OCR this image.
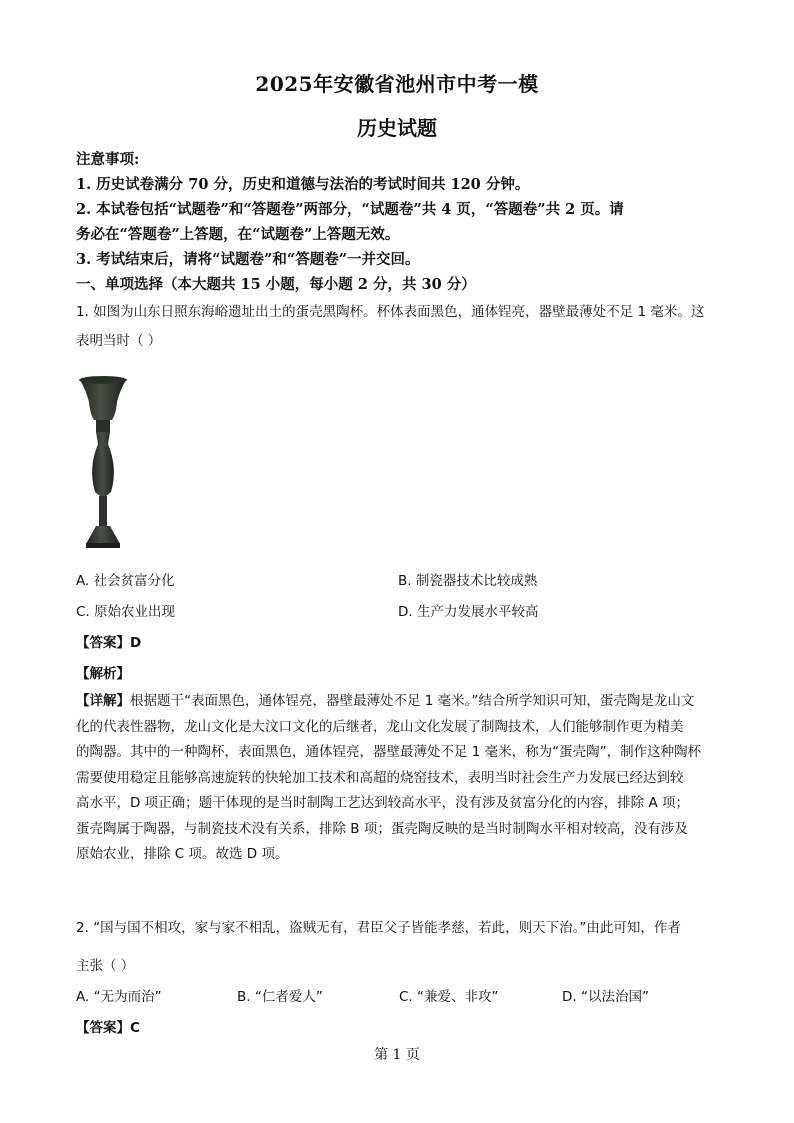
2025年安徽省池州市中考一模
历史试题
注意事项:
1. 历史试卷满分 70 分，历史和道德与法治的考试时间共 120 分钟。
2. 本试卷包括“试题卷”和“答题卷”两部分，“试题卷”共 4 页，“答题卷”共 2 页。请
务必在“答题卷”上答题，在“试题卷”上答题无效。
3. 考试结束后，请将“试题卷”和“答题卷”一并交回。
一、单项选择（本大题共 15 小题，每小题 2 分，共 30 分）
1. 如图为山东日照东海峪遗址出土的蛋壳黑陶杯。杯体表面黑色，通体锃亮，器壁最薄处不足 1 毫米。这
表明当时（ ）
A. 社会贫富分化	B. 制瓷器技术比较成熟
C. 原始农业出现	D. 生产力发展水平较高
【答案】D
【解析】
【详解】根据题干“表面黑色，通体锃亮，器壁最薄处不足 1 毫米。”结合所学知识可知，蛋壳陶是龙山文
化的代表性器物，龙山文化是大汶口文化的后继者，龙山文化发展了制陶技术，人们能够制作更为精美
的陶器。其中的一种陶杯，表面黑色，通体锃亮，器壁最薄处不足 1 毫米，称为“蛋壳陶”，制作这种陶杯
需要使用稳定且能够高速旋转的快轮加工技术和高超的烧窑技术，表明当时社会生产力发展已经达到较
高水平，D 项正确；题干体现的是当时制陶工艺达到较高水平，没有涉及贫富分化的内容，排除 A 项；
蛋壳陶属于陶器，与制瓷技术没有关系，排除 B 项；蛋壳陶反映的是当时制陶水平相对较高，没有涉及
原始农业，排除 C 项。故选 D 项。
2. “国与国不相攻，家与家不相乱，盗贼无有，君臣父子皆能孝慈，若此，则天下治。”由此可知，作者
主张（ ）
A. “无为而治”	B. “仁者爱人”	C. “兼爱、非攻”	D. “以法治国”
【答案】C
第 1 页
